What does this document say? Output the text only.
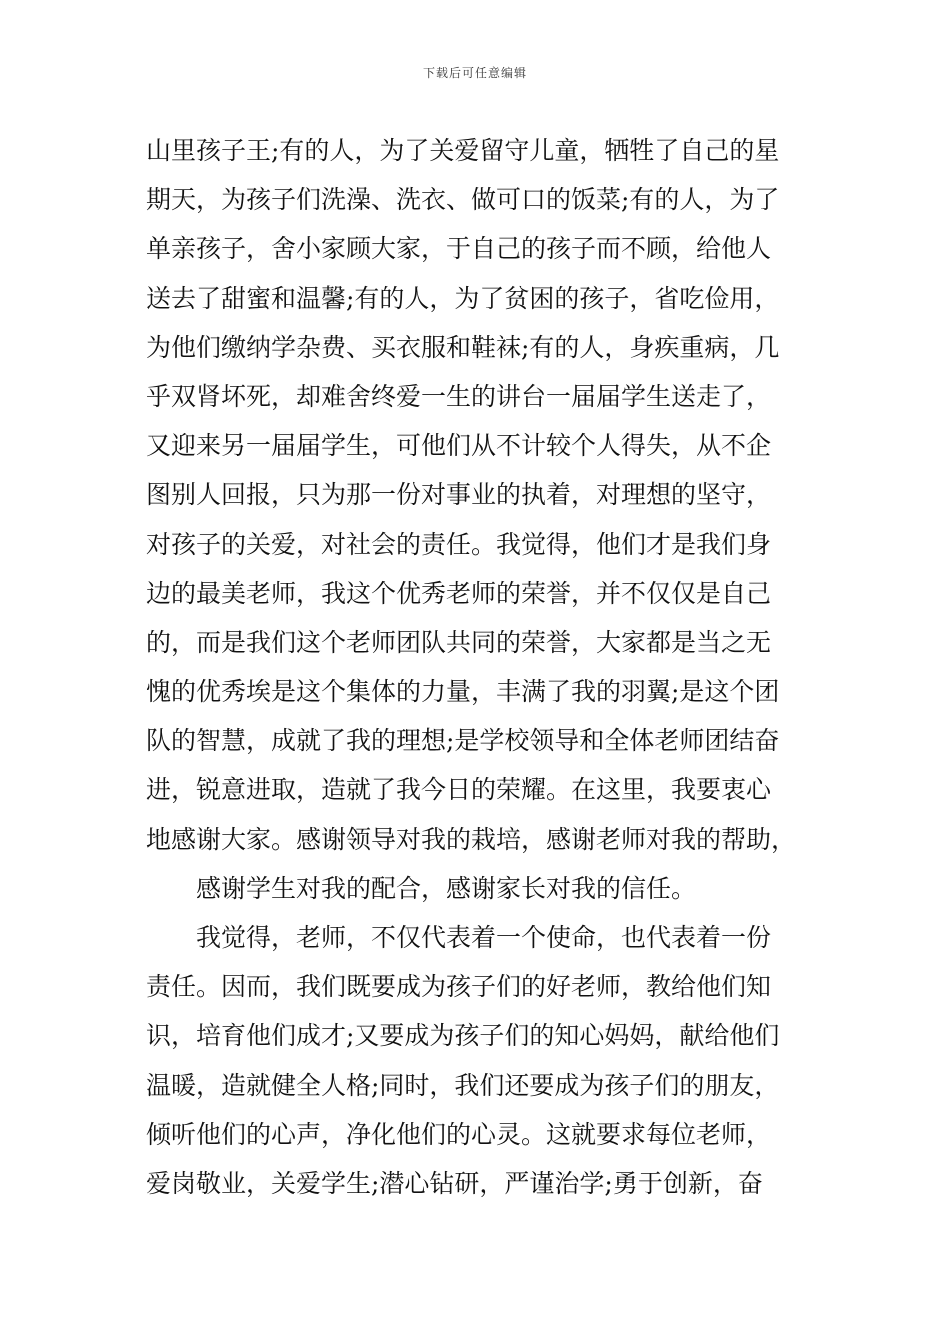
下载后可任意编辑
山里孩子王;有的人，为了关爱留守儿童，牺牲了自己的星
期天，为孩子们洗澡、洗衣、做可口的饭菜;有的人，为了
单亲孩子，舍小家顾大家，于自己的孩子而不顾，给他人
送去了甜蜜和温馨;有的人，为了贫困的孩子，省吃俭用，
为他们缴纳学杂费、买衣服和鞋袜;有的人，身疾重病，几
乎双肾坏死，却难舍终爱一生的讲台一届届学生送走了，
又迎来另一届届学生，可他们从不计较个人得失，从不企
图别人回报，只为那一份对事业的执着，对理想的坚守，
对孩子的关爱，对社会的责任。我觉得，他们才是我们身
边的最美老师，我这个优秀老师的荣誉，并不仅仅是自己
的，而是我们这个老师团队共同的荣誉，大家都是当之无
愧的优秀埃是这个集体的力量，丰满了我的羽翼;是这个团
队的智慧，成就了我的理想;是学校领导和全体老师团结奋
进，锐意进取，造就了我今日的荣耀。在这里，我要衷心
地感谢大家。感谢领导对我的栽培，感谢老师对我的帮助，
感谢学生对我的配合，感谢家长对我的信任。
我觉得，老师，不仅代表着一个使命，也代表着一份
责任。因而，我们既要成为孩子们的好老师，教给他们知
识，培育他们成才;又要成为孩子们的知心妈妈，献给他们
温暖，造就健全人格;同时，我们还要成为孩子们的朋友，
倾听他们的心声，净化他们的心灵。这就要求每位老师，
爱岗敬业，关爱学生;潜心钻研，严谨治学;勇于创新，奋
